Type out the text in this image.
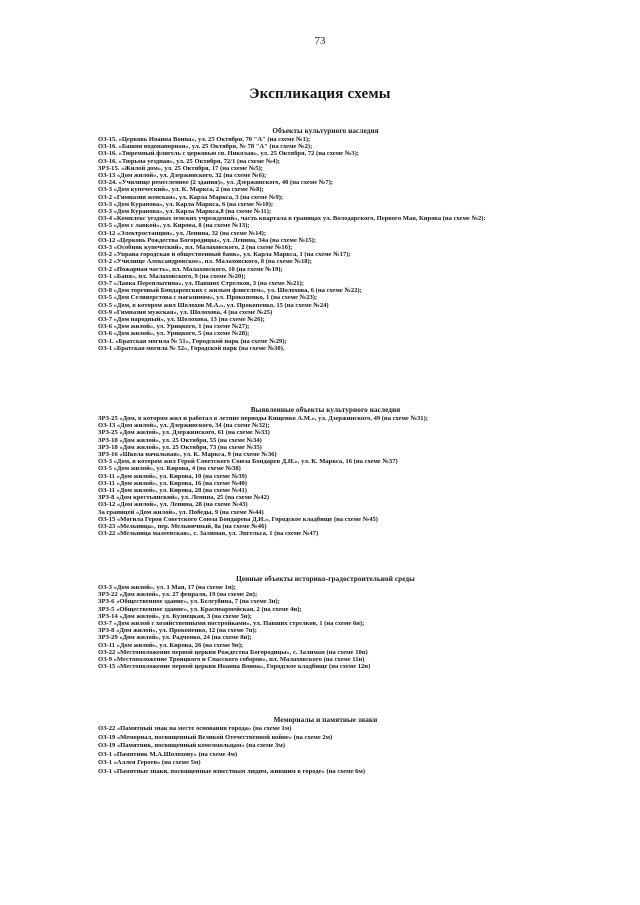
73
Экспликация схемы
Объекты культурного наследия
ОЗ-15. «Церковь Иоанна Воина», ул. 25 Октября, 70 "А" (на схеме №1);
ОЗ-16. «Башня водонапорная», ул. 25 Октября, № 78 "А" (на схеме №2);
ОЗ-16. «Тюремный флигель с церковью св. Николая», ул. 25 Октября, 72 (на схеме №3);
ОЗ-16. «Тюрьма уездная», ул. 25 Октября, 72/1 (на схеме №4);
ЗРЗ-15. «Жилой дом», ул. 25 Октября, 17 (на схеме №5);
ОЗ-13 «Дом жилой», ул. Дзержинского, 32 (на схеме №6);
ОЗ-24. «Училище ремесленное (2 здания)», ул. Дзержинского, 40 (на схеме №7);
ОЗ-3 «Дом купеческий», ул. К. Маркса, 2 (на схеме №8);
ОЗ-2 «Гимназия женская», ул. Карла Маркса, 3 (на схеме №9);
ОЗ-3 «Дом Куранова», ул. Карла Маркса, 6 (на схеме №10);
ОЗ-3 «Дом Куранова», ул. Карла Маркса,8 (на схеме №11);
ОЗ-4 «Комплекс уездных земских учреждений», часть квартала в границах ул. Володарского, Первого Мая, Кирова (на схеме №2):
ОЗ-5 «Дом с лавкой», ул. Кирова, 8 (на схеме №13);
ОЗ-12 «Электростанция», ул. Ленина, 32 (на схеме №14);
ОЗ-12 «Церковь Рождества Богородицы», ул. Ленина, 34а (на схеме №15);
ОЗ-3 «Особняк купеческий», пл. Малаховского, 2 (на схеме №16);
ОЗ-2 «Управа городская и общественный банк», ул. Карла Маркса, 1 (на схеме №17);
ОЗ-2 «Училище Александровское», пл. Малаховского, 8 (на схеме №18);
ОЗ-2 «Пожарная часть», пл. Малаховского, 10 (на схеме №19);
ОЗ-1 «Баня», пл. Малаховского, 9 (на схеме №20);
ОЗ-7 «Лавка Переплытина», ул. Павших Стрелков, 3 (на схеме №21);
ОЗ-8 «Дом торговый Бондаревских с жилым флигелем», ул. Шолохова, 6 (на схеме №22);
ОЗ-5 «Дом Селиверстова с магазином», ул. Прокопенко, 1 (на схеме №23);
ОЗ-5 «Дом, в котором жил Шолохов М.А.», ул. Прокопенко, 15 (на схеме №24)
ОЗ-9 «Гимназия мужская», ул. Шолохова, 4 (на схеме №25)
ОЗ-7 «Дом народный», ул. Шолохова, 13 (на схеме №26);
ОЗ-6 «Дом жилой», ул. Урицкого, 1 (на схеме №27);
ОЗ-6 «Дом жилой», ул. Урицкого, 5 (на схеме №28);
ОЗ-1. «Братская могила № 51», Городской парк (на схеме №29);
ОЗ-1 «Братская могила № 52», Городской парк (на схеме №30).
Выявленные объекты культурного наследия
ЗРЗ-25 «Дом, в котором жил и работал в летние периоды Кищенко А.М.», ул. Дзержинского, 49 (на схеме №31);
ОЗ-13 «Дом жилой», ул. Дзержинского, 34 (на схеме №32);
ЗРЗ-25 «Дом жилой», ул. Дзержинского, 61 (на схеме №33)
ЗРЗ-18 «Дом жилой», ул. 25 Октября, 55 (на схеме №34)
ЗРЗ-18 «Дом жилой», ул. 25 Октября, 73 (на схеме №35)
ЗРЗ-16 «Школа начальная», ул. К. Маркса, 9 (на схеме №36)
ОЗ-3 «Дом, в котором жил Герой Советского Союза Бондарев Д.И.», ул. К. Маркса, 16 (на схеме №37)
ОЗ-5 «Дом жилой», ул. Кирова, 4 (на схеме №38)
ОЗ-11 «Дом жилой», ул. Кирова, 10 (на схеме №39)
ОЗ-11 «Дом жилой», ул. Кирова, 16 (на схеме №40)
ОЗ-11 «Дом жилой», ул. Кирова, 28 (на схеме №41)
ЗРЗ-8 «Дом крестьянский», ул. Ленина, 25 (на схеме №42)
ОЗ-12 «Дом жилой», ул. Ленина, 28 (на схеме №43)
За границей «Дом жилой», ул. Победы, 9 (на схеме №44)
ОЗ-15 «Могила Героя Советского Союза Бондарева Д.И.», Городское кладбище (на схеме №45)
ОЗ-23 «Мельница», пер. Мельничный, 8а (на схеме №46)
ОЗ-22 «Мельница малеевская», с. Залиман, ул. Энгельса, 1 (на схеме №47)
Ценные объекты историко-градостроительной среды
ОЗ-3 «Дом жилой», ул. 1 Мая, 17 (на схеме 1н);
ЗРЗ-22 «Дом жилой», ул. 27 февраля, 19 (на схеме 2н);
ЗРЗ-6 «Общественное здание», ул. Белгубина, 7 (на схеме 3н);
ЗРЗ-5 «Общественное здание», ул. Красноармейская, 2 (на схеме 4н);
ЗРЗ-14 «Дом жилой», ул. Кузнецкая, 3 (на схеме 5н);
ОЗ-7 «Дом жилой с хозяйственными постройками», ул. Павших стрелков, 1 (на схеме 6н);
ЗРЗ-8 «Дом жилой», ул. Прокопенко, 12 (на схеме 7н);
ЗРЗ-29 «Дом жилой», ул. Радченко, 24 (на схеме 8н);
ОЗ-11 «Дом жилой», ул. Кирова, 26 (на схеме 9н);
ОЗ-22 «Местоположение первой церкви Рождества Богородицы», с. Залиман (на схеме 10н)
ОЗ-9 «Местоположение Троицкого и Спасского соборов», пл. Малаховского (на схеме 11н)
ОЗ-15 «Местоположение первой церкви Иоанна Воина», Городское кладбище (на схеме 12н)
Мемориалы и памятные знаки
ОЗ-22 «Памятный знак на месте основания города» (на схеме 1м)
ОЗ-19 «Мемориал, посвященный Великой Отечественной войне» (на схеме 2м)
ОЗ-19 «Памятник, посвященный комсомольцам» (на схеме 3м)
ОЗ-1 «Памятник М.А.Шолохову» (на схеме 4м)
ОЗ-1 «Аллея Героев» (на схеме 5м)
ОЗ-1 «Памятные знаки, посвященные известным людям, жившим в городе» (на схеме 6м)
